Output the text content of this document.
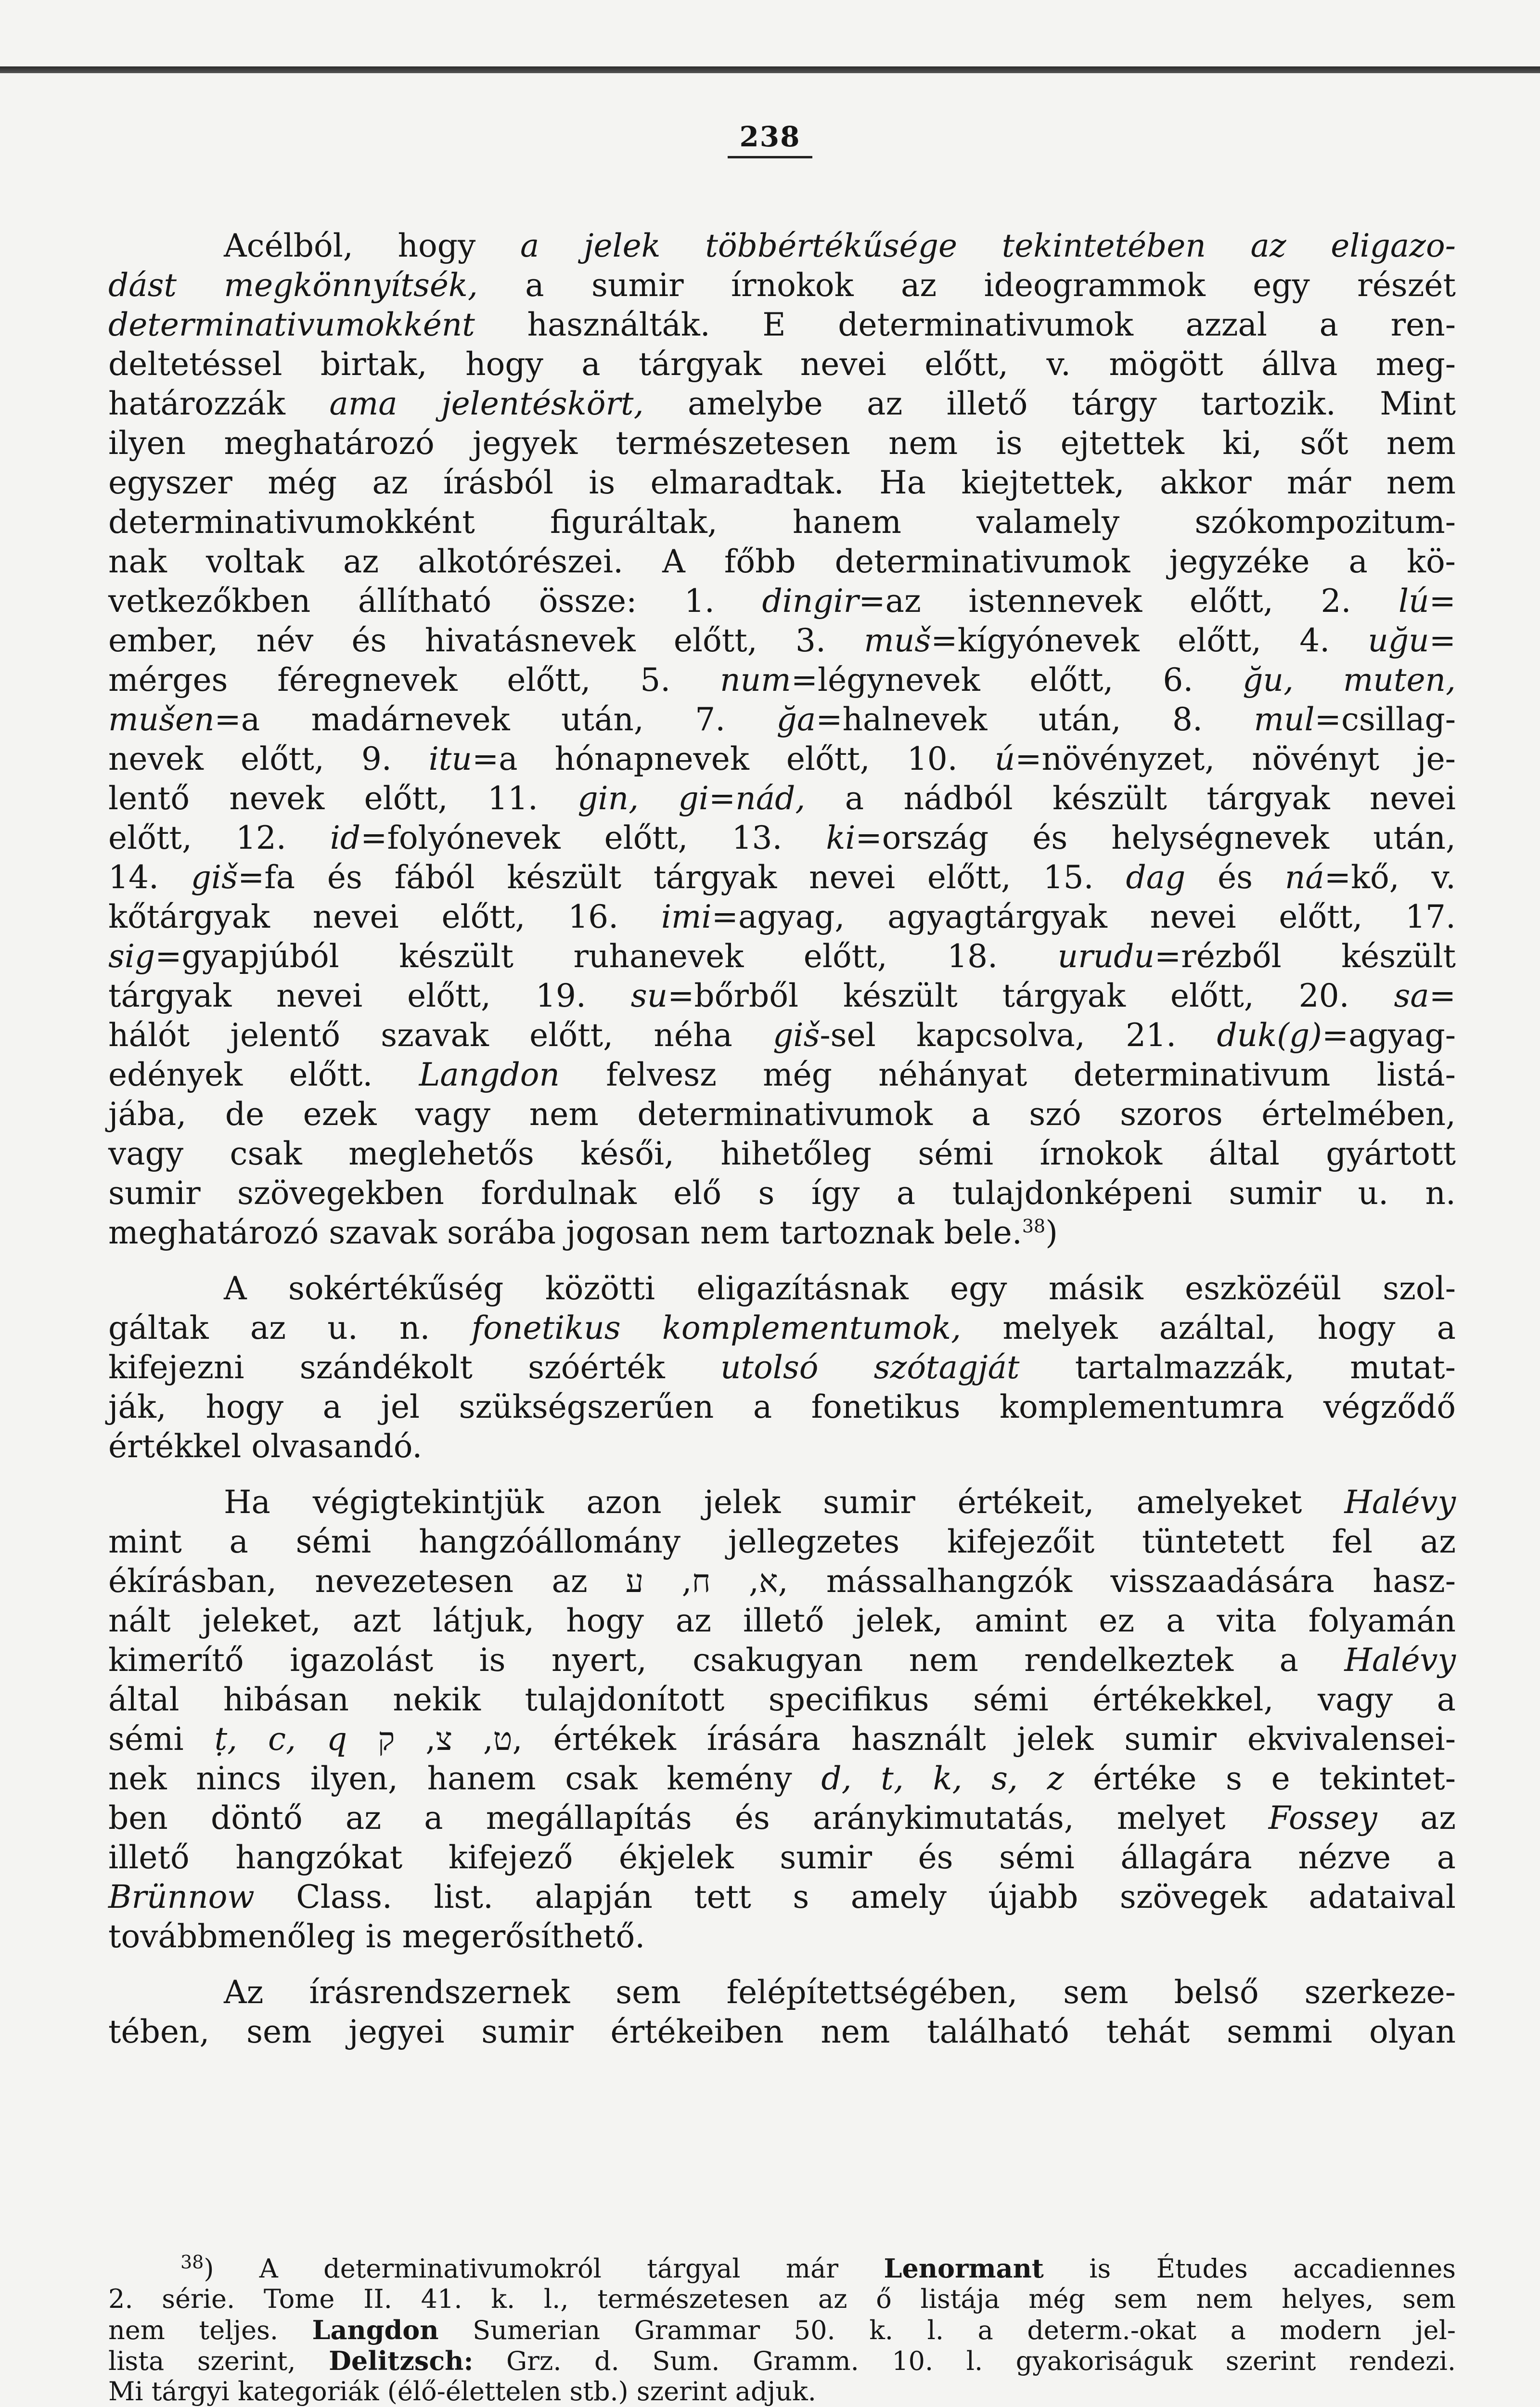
238
Acélból, hogy a jelek többértékűsége tekintetében az eligazo-
dást megkönnyítsék, a sumir írnokok az ideogrammok egy részét
determinativumokként használták. E determinativumok azzal a ren-
deltetéssel birtak, hogy a tárgyak nevei előtt, v. mögött állva meg-
határozzák ama jelentéskört, amelybe az illető tárgy tartozik. Mint
ilyen meghatározó jegyek természetesen nem is ejtettek ki, sőt nem
egyszer még az írásból is elmaradtak. Ha kiejtettek, akkor már nem
determinativumokként figuráltak, hanem valamely szókompozitum-
nak voltak az alkotórészei. A főbb determinativumok jegyzéke a kö-
vetkezőkben állítható össze: 1. dingir=az istennevek előtt, 2. lú=
ember, név és hivatásnevek előtt, 3. muš=kígyónevek előtt, 4. uğu=
mérges féregnevek előtt, 5. num=légynevek előtt, 6. ğu, muten,
mušen=a madárnevek után, 7. ğa=halnevek után, 8. mul=csillag-
nevek előtt, 9. itu=a hónapnevek előtt, 10. ú=növényzet, növényt je-
lentő nevek előtt, 11. gin, gi=nád, a nádból készült tárgyak nevei
előtt, 12. id=folyónevek előtt, 13. ki=ország és helységnevek után,
14. giš=fa és fából készült tárgyak nevei előtt, 15. dag és ná=kő, v.
kőtárgyak nevei előtt, 16. imi=agyag, agyagtárgyak nevei előtt, 17.
sig=gyapjúból készült ruhanevek előtt, 18. urudu=rézből készült
tárgyak nevei előtt, 19. su=bőrből készült tárgyak előtt, 20. sa=
hálót jelentő szavak előtt, néha giš-sel kapcsolva, 21. duk(g)=agyag-
edények előtt. Langdon felvesz még néhányat determinativum listá-
jába, de ezek vagy nem determinativumok a szó szoros értelmében,
vagy csak meglehetős késői, hihetőleg sémi írnokok által gyártott
sumir szövegekben fordulnak elő s így a tulajdonképeni sumir u. n.
meghatározó szavak sorába jogosan nem tartoznak bele.$^{38}$)
A sokértékűség közötti eligazításnak egy másik eszközéül szol-
gáltak az u. n. fonetikus komplementumok, melyek azáltal, hogy a
kifejezni szándékolt szóérték utolsó szótagját tartalmazzák, mutat-
ják, hogy a jel szükségszerűen a fonetikus komplementumra végződő
értékkel olvasandó.
Ha végigtekintjük azon jelek sumir értékeit, amelyeket Halévy
mint a sémi hangzóállomány jellegzetes kifejezőit tüntetett fel az
ékírásban, nevezetesen az א, ח, ע, mássalhangzók visszaadására hasz-
nált jeleket, azt látjuk, hogy az illető jelek, amint ez a vita folyamán
kimerítő igazolást is nyert, csakugyan nem rendelkeztek a Halévy
által hibásan nekik tulajdonított specifikus sémi értékekkel, vagy a
sémi ṭ, c, q ט, צ, ק, értékek írására használt jelek sumir ekvivalensei-
nek nincs ilyen, hanem csak kemény d, t, k, s, z értéke s e tekintet-
ben döntő az a megállapítás és aránykimutatás, melyet Fossey az
illető hangzókat kifejező ékjelek sumir és sémi állagára nézve a
Brünnow Class. list. alapján tett s amely újabb szövegek adataival
továbbmenőleg is megerősíthető.
Az írásrendszernek sem felépítettségében, sem belső szerkeze-
tében, sem jegyei sumir értékeiben nem található tehát semmi olyan
$^{38}$) A determinativumokról tárgyal már Lenormant is Études accadiennes
2. série. Tome II. 41. k. l., természetesen az ő listája még sem nem helyes, sem
nem teljes. Langdon Sumerian Grammar 50. k. l. a determ.-okat a modern jel-
lista szerint, Delitzsch: Grz. d. Sum. Gramm. 10. l. gyakoriságuk szerint rendezi.
Mi tárgyi kategoriák (élő-élettelen stb.) szerint adjuk.
